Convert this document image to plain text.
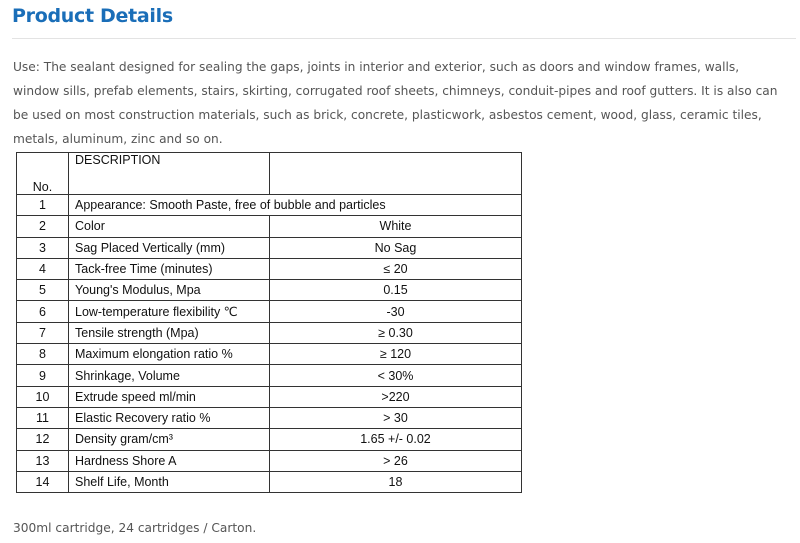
Product Details
Use: The sealant designed for sealing the gaps, joints in interior and exterior, such as doors and window frames, walls, window sills, prefab elements, stairs, skirting, corrugated roof sheets, chimneys, conduit-pipes and roof gutters. It is also can be used on most construction materials, such as brick, concrete, plasticwork, asbestos cement, wood, glass, ceramic tiles, metals, aluminum, zinc and so on.
No.	DESCRIPTION	
1	Appearance: Smooth Paste, free of bubble and particles	
2	Color	White
3	Sag Placed Vertically (mm)	No Sag
4	Tack-free Time (minutes)	≤ 20
5	Young's Modulus, Mpa	0.15
6	Low-temperature flexibility ℃	-30
7	Tensile strength (Mpa)	≥ 0.30
8	Maximum elongation ratio %	≥ 120
9	Shrinkage, Volume	< 30%
10	Extrude speed ml/min	>220
11	Elastic Recovery ratio %	> 30
12	Density gram/cm³	1.65 +/- 0.02
13	Hardness Shore A	> 26
14	Shelf Life, Month	18
300ml cartridge, 24 cartridges / Carton.
